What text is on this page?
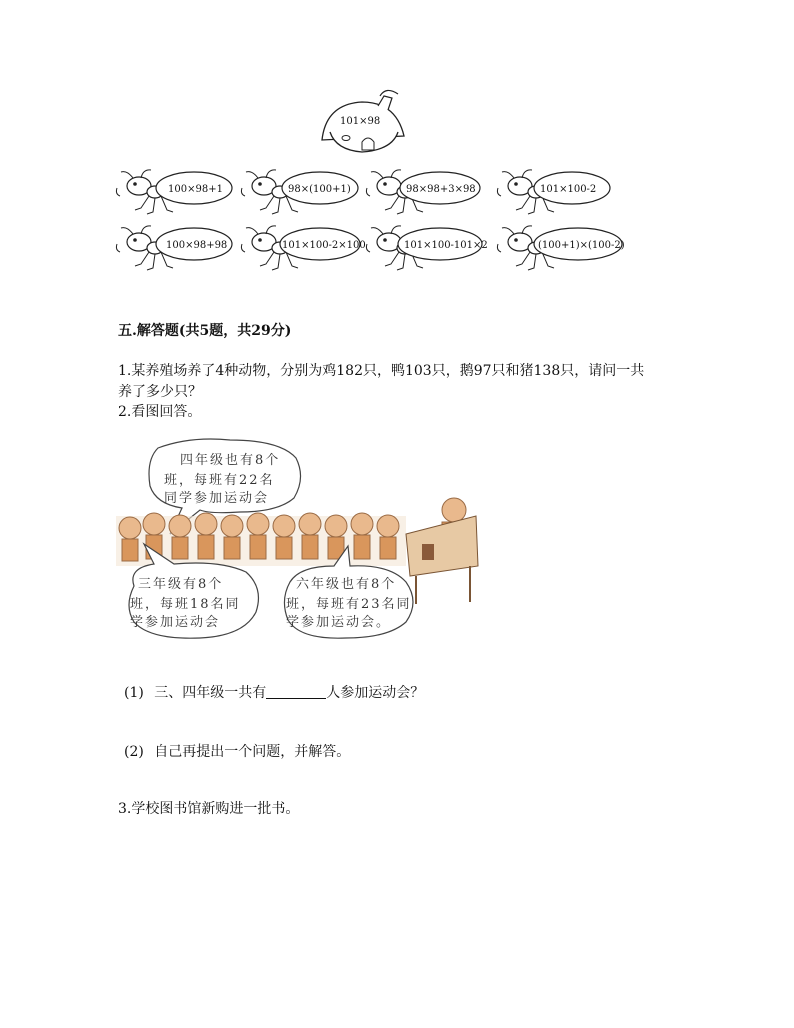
101×98
100×98+1	98×(100+1)	98×98+3×98	101×100-2
100×98+98	101×100-2×100	101×100-101×2	(100+1)×(100-2)
五.解答题(共5题，共29分)
1.某养殖场养了4种动物，分别为鸡182只，鸭103只，鹅97只和猪138只，请问一共
养了多少只？
2.看图回答。
四年级也有8个
班，每班有22名
同学参加运动会
三年级有8个
班，每班18名同
学参加运动会
六年级也有8个
班，每班有23名同
学参加运动会。
(1) 三、四年级一共有	人参加运动会？
(2) 自己再提出一个问题，并解答。
3.学校图书馆新购进一批书。
